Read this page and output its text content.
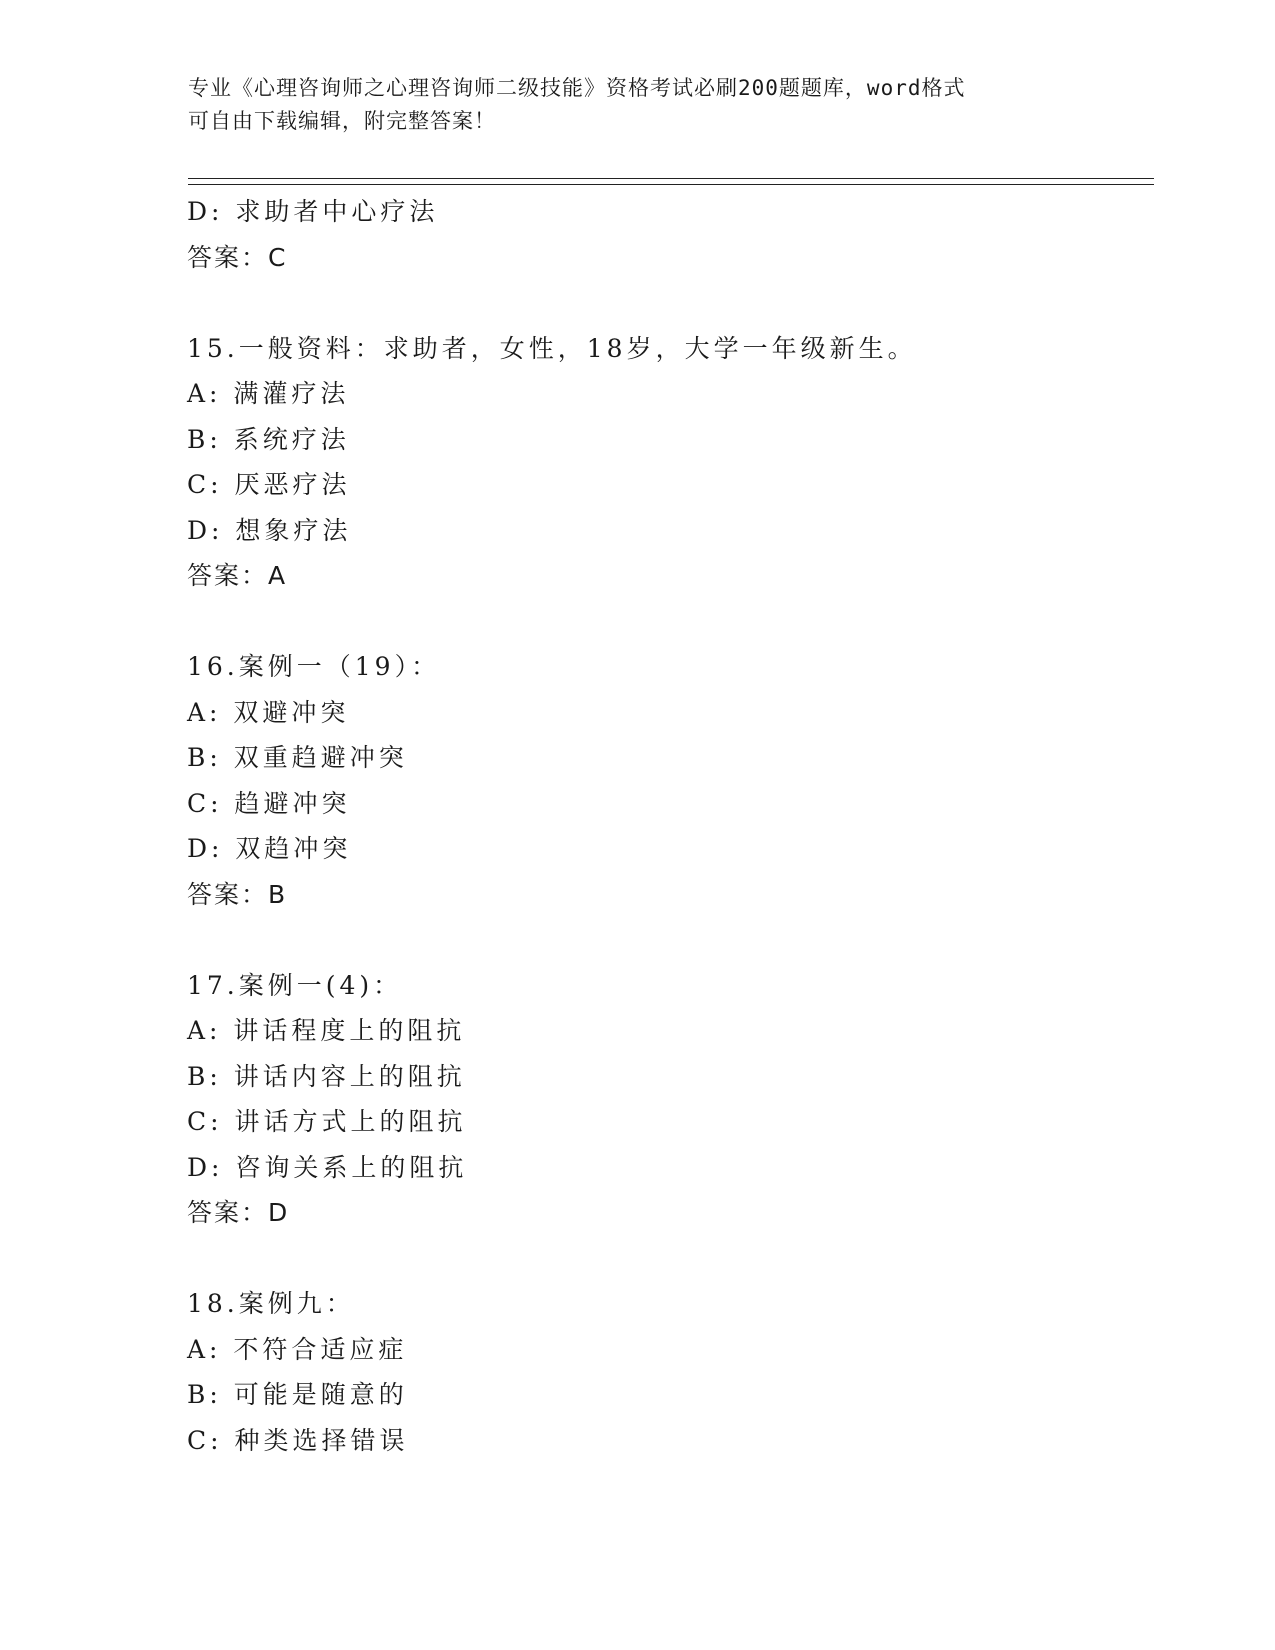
专业《心理咨询师之心理咨询师二级技能》资格考试必刷200题题库，word格式
可自由下载编辑，附完整答案！
D: 求助者中心疗法
答案：C
15.一般资料：求助者，女性，18岁，大学一年级新生。
A: 满灌疗法
B: 系统疗法
C: 厌恶疗法
D: 想象疗法
答案：A
16.案例一（19）：
A: 双避冲突
B: 双重趋避冲突
C: 趋避冲突
D: 双趋冲突
答案：B
17.案例一(4)：
A: 讲话程度上的阻抗
B: 讲话内容上的阻抗
C: 讲话方式上的阻抗
D: 咨询关系上的阻抗
答案：D
18.案例九：
A: 不符合适应症
B: 可能是随意的
C: 种类选择错误
